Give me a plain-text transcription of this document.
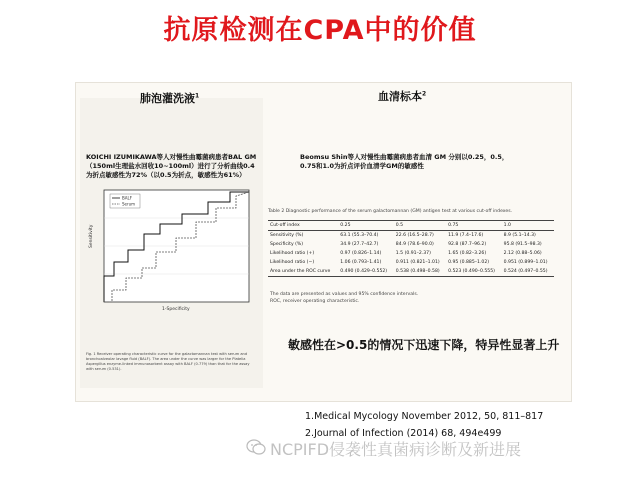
抗原检测在CPA中的价值
肺泡灌洗液$^1$
KOICHI IZUMIKAWA等人对慢性曲霉菌病患者BAL GM（150ml生理盐水回收10~100ml）进行了分析曲线0.4为折点敏感性为72%（以0.5为折点，敏感性为61%）
BALF
Serum
Sensitivity
1-Specificity
Fig. 1 Receiver operating characteristic curve for the galactomannan test with serum and bronchoalveolar lavage fluid (BALF). The area under the curve was larger for the Platelia Aspergillus enzyme-linked immunosorbent assay with BALF (0.779) than that for the assay with serum (0.531).
血清标本$^2$
Beomsu Shin等人对慢性曲霉菌病患者血清 GM 分别以0.25，0.5，0.75和1.0为折点评价血清学GM的敏感性
Table 2 Diagnostic performance of the serum galactomannan (GM) antigen test at various cut-off indexes.
Cut-off index	0.25	0.5	0.75	1.0
Sensitivity (%)	63.1 (55.3–70.4)	22.6 (16.5–28.7)	11.9 (7.4–17.6)	8.9 (5.1–14.3)
Specificity (%)	34.9 (27.7–42.7)	84.9 (78.6–90.0)	92.8 (87.7–96.2)	95.8 (91.5–98.3)
Likelihood ratio (+)	0.97 (0.826–1.14)	1.5 (0.91–2.37)	1.65 (0.82–3.26)	2.12 (0.88–5.06)
Likelihood ratio (−)	1.06 (0.793–1.41)	0.911 (0.821–1.01)	0.95 (0.885–1.02)	0.951 (0.899–1.01)
Area under the ROC curve	0.490 (0.429–0.552)	0.538 (0.498–0.58)	0.523 (0.490–0.555)	0.524 (0.497–0.55)
The data are presented as values and 95% confidence intervals.
ROC, receiver operating characteristic.
敏感性在>0.5的情况下迅速下降，特异性显著上升
1.Medical Mycology November 2012, 50, 811–817
2.Journal of Infection (2014) 68, 494e499
NCPIFD侵袭性真菌病诊断及新进展
